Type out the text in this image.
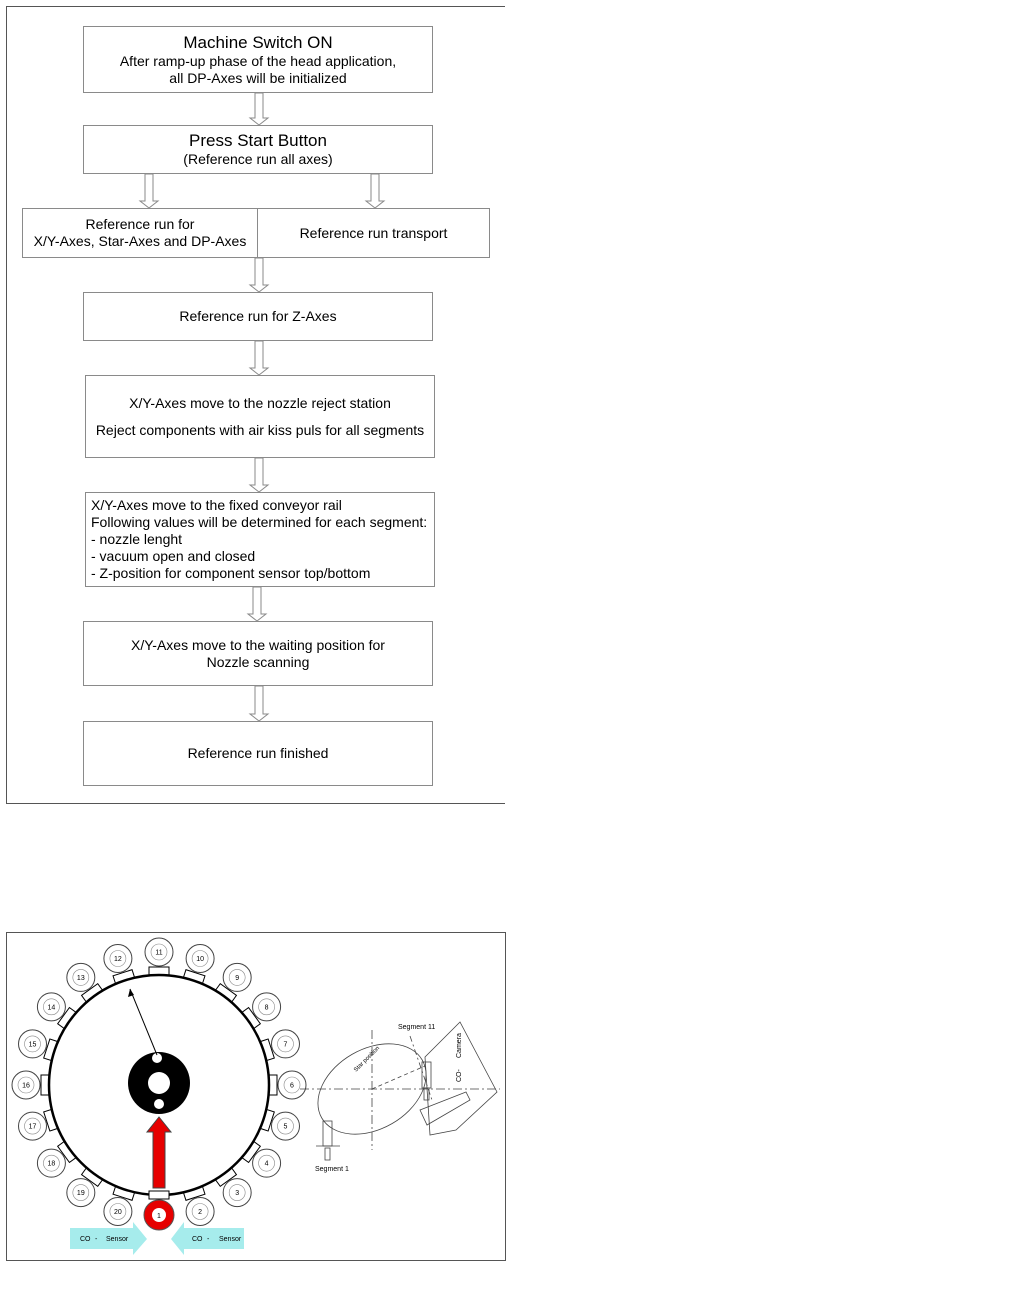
Machine Switch ON
After ramp-up phase of the head application,
all DP-Axes will be initialized
Press Start Button
(Reference run all axes)
Reference run for
X/Y-Axes, Star-Axes and DP-Axes
Reference run transport
Reference run for Z-Axes
X/Y-Axes move to the nozzle reject station
Reject components with air kiss puls for all segments
X/Y-Axes move to the fixed conveyor rail
Following values will be determined for each segment:
- nozzle lenght
- vacuum open and closed
- Z-position for component sensor top/bottom
X/Y-Axes move to the waiting position for
Nozzle scanning
Reference run finished
2
3
4
5
6
7
8
9
10
11
12
13
14
15
16
17
18
19
20
1
CO - Sensor	CO - Sensor
Segment 11
Segment 1
Star position
Camera
CO-
